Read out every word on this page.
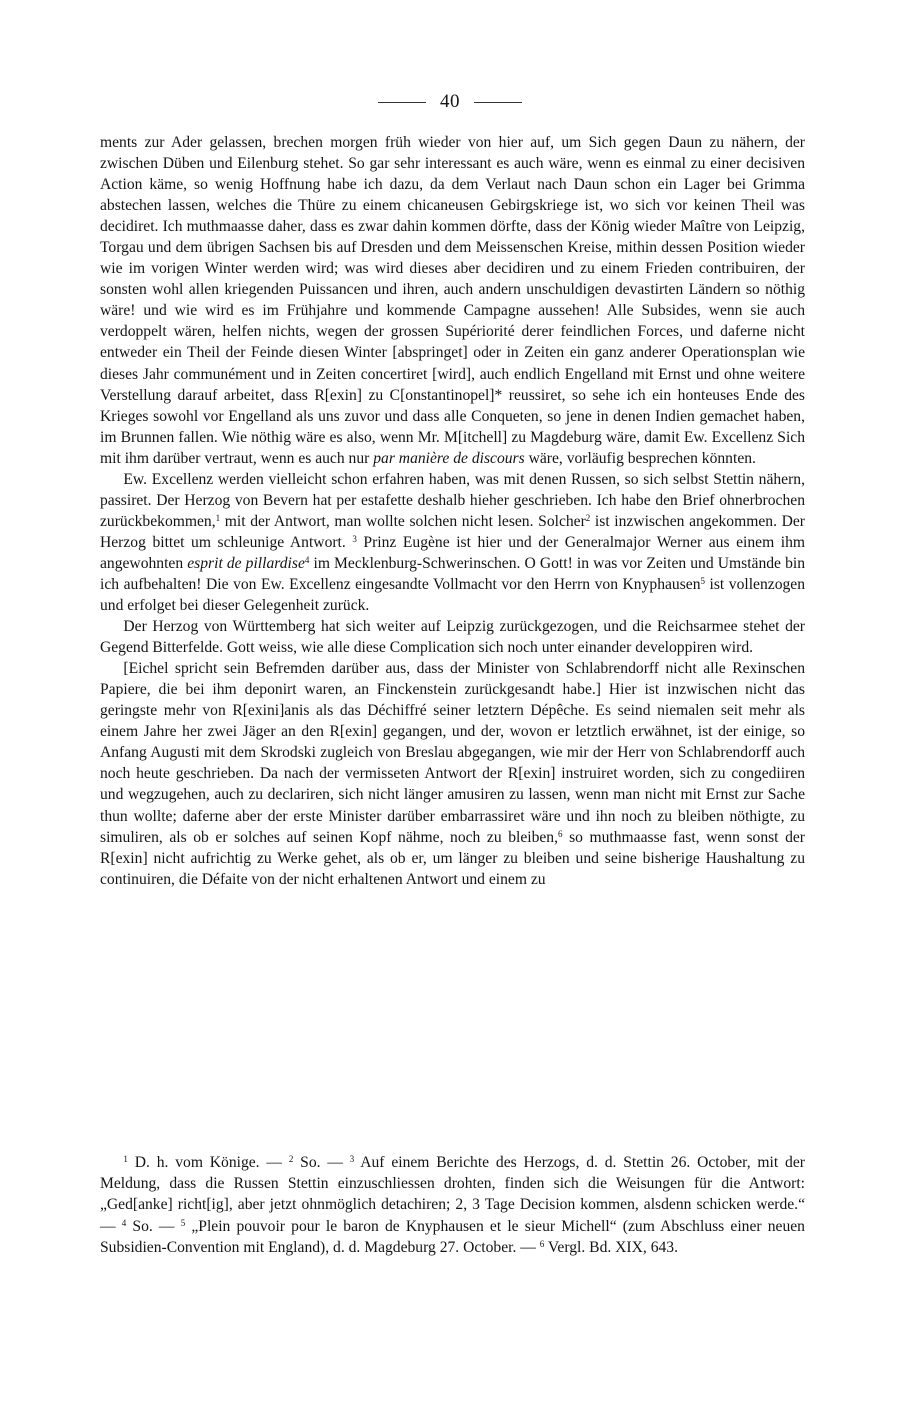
40

ments zur Ader gelassen, brechen morgen früh wieder von hier auf, um Sich gegen Daun zu nähern, der zwischen Düben und Eilenburg stehet. So gar sehr interessant es auch wäre, wenn es einmal zu einer decisiven Action käme, so wenig Hoffnung habe ich dazu, da dem Verlaut nach Daun schon ein Lager bei Grimma abstechen lassen, welches die Thüre zu einem chicaneusen Gebirgskriege ist, wo sich vor keinen Theil was decidiret. Ich muthmaasse daher, dass es zwar dahin kommen dörfte, dass der König wieder Maître von Leipzig, Torgau und dem übrigen Sachsen bis auf Dresden und dem Meissenschen Kreise, mithin dessen Position wieder wie im vorigen Winter werden wird; was wird dieses aber decidiren und zu einem Frieden contribuiren, der sonsten wohl allen kriegenden Puissancen und ihren, auch andern unschuldigen devastirten Ländern so nöthig wäre! und wie wird es im Frühjahre und kommende Campagne aussehen! Alle Subsides, wenn sie auch verdoppelt wären, helfen nichts, wegen der grossen Supériorité derer feindlichen Forces, und daferne nicht entweder ein Theil der Feinde diesen Winter [abspringet] oder in Zeiten ein ganz anderer Operationsplan wie dieses Jahr communément und in Zeiten concertiret [wird], auch endlich Engelland mit Ernst und ohne weitere Verstellung darauf arbeitet, dass R[exin] zu C[onstantinopel]* reussiret, so sehe ich ein honteuses Ende des Krieges sowohl vor Engelland als uns zuvor und dass alle Conqueten, so jene in denen Indien gemachet haben, im Brunnen fallen. Wie nöthig wäre es also, wenn Mr. M[itchell] zu Magdeburg wäre, damit Ew. Excellenz Sich mit ihm darüber vertraut, wenn es auch nur par manière de discours wäre, vorläufig besprechen könnten.

Ew. Excellenz werden vielleicht schon erfahren haben, was mit denen Russen, so sich selbst Stettin nähern, passiret. Der Herzog von Bevern hat per estafette deshalb hieher geschrieben. Ich habe den Brief ohnerbrochen zurückbekommen,$^1$ mit der Antwort, man wollte solchen nicht lesen. Solcher$^2$ ist inzwischen angekommen. Der Herzog bittet um schleunige Antwort. $^3$ Prinz Eugène ist hier und der Generalmajor Werner aus einem ihm angewohnten esprit de pillardise$^4$ im Mecklenburg-Schwerinschen. O Gott! in was vor Zeiten und Umstände bin ich aufbehalten! Die von Ew. Excellenz eingesandte Vollmacht vor den Herrn von Knyphausen$^5$ ist vollenzogen und erfolget bei dieser Gelegenheit zurück.

Der Herzog von Württemberg hat sich weiter auf Leipzig zurückgezogen, und die Reichsarmee stehet der Gegend Bitterfelde. Gott weiss, wie alle diese Complication sich noch unter einander developpiren wird.

[Eichel spricht sein Befremden darüber aus, dass der Minister von Schlabrendorff nicht alle Rexinschen Papiere, die bei ihm deponirt waren, an Finckenstein zurückgesandt habe.] Hier ist inzwischen nicht das geringste mehr von R[exini]anis als das Déchiffré seiner letztern Dépêche. Es seind niemalen seit mehr als einem Jahre her zwei Jäger an den R[exin] gegangen, und der, wovon er letztlich erwähnet, ist der einige, so Anfang Augusti mit dem Skrodski zugleich von Breslau abgegangen, wie mir der Herr von Schlabrendorff auch noch heute geschrieben. Da nach der vermisseten Antwort der R[exin] instruiret worden, sich zu congediiren und wegzugehen, auch zu declariren, sich nicht länger amusiren zu lassen, wenn man nicht mit Ernst zur Sache thun wollte; daferne aber der erste Minister darüber embarrassiret wäre und ihn noch zu bleiben nöthigte, zu simuliren, als ob er solches auf seinen Kopf nähme, noch zu bleiben,$^6$ so muthmaasse fast, wenn sonst der R[exin] nicht aufrichtig zu Werke gehet, als ob er, um länger zu bleiben und seine bisherige Haushaltung zu continuiren, die Défaite von der nicht erhaltenen Antwort und einem zu

$^1$ D. h. vom Könige. — $^2$ So. — $^3$ Auf einem Berichte des Herzogs, d. d. Stettin 26. October, mit der Meldung, dass die Russen Stettin einzuschliessen drohten, finden sich die Weisungen für die Antwort: „Ged[anke] richt[ig], aber jetzt ohnmöglich detachiren; 2, 3 Tage Decision kommen, alsdenn schicken werde.“ — $^4$ So. — $^5$ „Plein pouvoir pour le baron de Knyphausen et le sieur Michell“ (zum Abschluss einer neuen Subsidien-Convention mit England), d. d. Magdeburg 27. October. — $^6$ Vergl. Bd. XIX, 643.
